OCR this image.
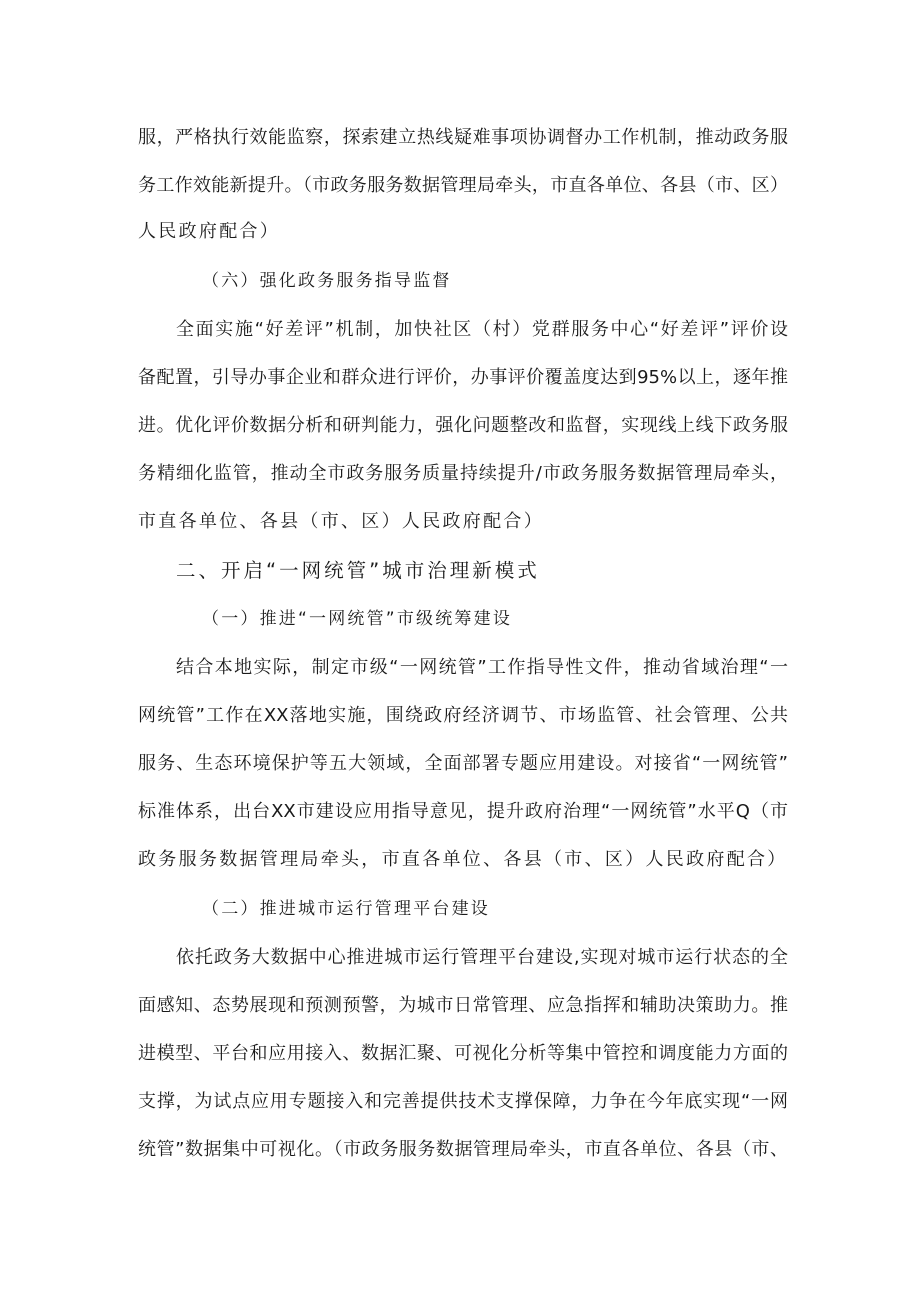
服，严格执行效能监察，探索建立热线疑难事项协调督办工作机制，推动政务服
务工作效能新提升。（市政务服务数据管理局牵头，市直各单位、各县（市、区）
人民政府配合）
（六）强化政务服务指导监督
全面实施“好差评”机制，加快社区（村）党群服务中心“好差评”评价设
备配置，引导办事企业和群众进行评价，办事评价覆盖度达到95%以上，逐年推
进。优化评价数据分析和研判能力，强化问题整改和监督，实现线上线下政务服
务精细化监管，推动全市政务服务质量持续提升/市政务服务数据管理局牵头，
市直各单位、各县（市、区）人民政府配合）
二、开启“一网统管”城市治理新模式
（一）推进“一网统管”市级统筹建设
结合本地实际，制定市级“一网统管”工作指导性文件，推动省域治理“一
网统管”工作在XX落地实施，围绕政府经济调节、市场监管、社会管理、公共
服务、生态环境保护等五大领域，全面部署专题应用建设。对接省“一网统管”
标准体系，出台XX市建设应用指导意见，提升政府治理“一网统管”水平Q（市
政务服务数据管理局牵头，市直各单位、各县（市、区）人民政府配合）
（二）推进城市运行管理平台建设
依托政务大数据中心推进城市运行管理平台建设,实现对城市运行状态的全
面感知、态势展现和预测预警，为城市日常管理、应急指挥和辅助决策助力。推
进模型、平台和应用接入、数据汇聚、可视化分析等集中管控和调度能力方面的
支撑，为试点应用专题接入和完善提供技术支撑保障，力争在今年底实现“一网
统管”数据集中可视化。（市政务服务数据管理局牵头，市直各单位、各县（市、
